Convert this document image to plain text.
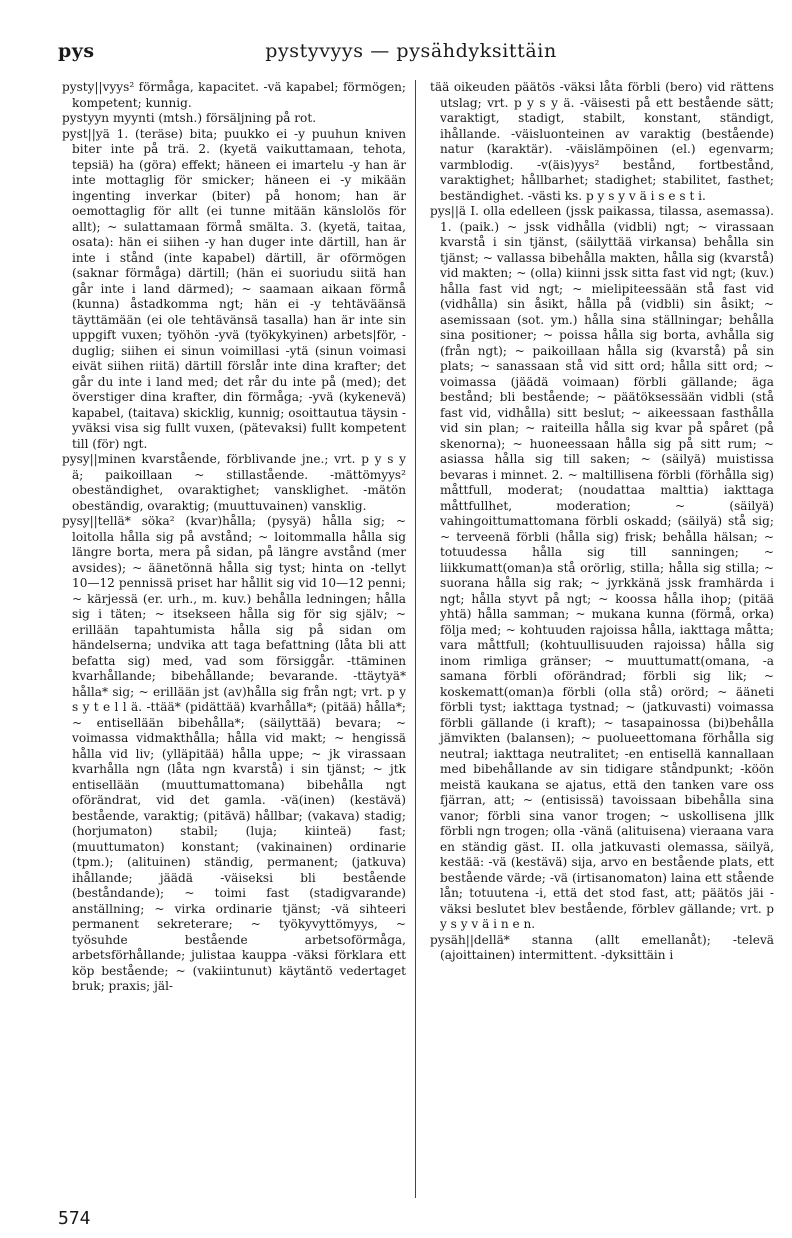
pys	pystyvyys — pysähdyksittäin

pysty||vyys² förmåga, kapacitet. -vä kapabel; förmögen; kompetent; kunnig.

pystyyn myynti (mtsh.) försäljning på rot.

pyst||yä 1. (teräse) bita; puukko ei -y puuhun kniven biter inte på trä. 2. (kyetä vaikuttamaan, tehota, tepsiä) ha (göra) effekt; häneen ei imartelu -y han är inte mottaglig för smicker; häneen ei -y mikään ingenting inverkar (biter) på honom; han är oemottaglig för allt (ei tunne mitään känslolös för allt); ~ sulattamaan förmå smälta. 3. (kyetä, taitaa, osata): hän ei siihen -y han duger inte därtill, han är inte i stånd (inte kapabel) därtill, är oförmögen (saknar förmåga) därtill; (hän ei suoriudu siitä han går inte i land därmed); ~ saamaan aikaan förmå (kunna) åstadkomma ngt; hän ei -y tehtäväänsä täyttämään (ei ole tehtävänsä tasalla) han är inte sin uppgift vuxen; työhön -yvä (työkykyinen) arbets|för, -duglig; siihen ei sinun voimillasi -ytä (sinun voimasi eivät siihen riitä) därtill förslår inte dina krafter; det går du inte i land med; det rår du inte på (med); det överstiger dina krafter, din förmåga; -yvä (kykenevä) kapabel, (taitava) skicklig, kunnig; osoittautua täysin -yväksi visa sig fullt vuxen, (pätevaksi) fullt kompetent till (för) ngt.

pysy||minen kvarstående, förblivande jne.; vrt. p y s y ä; paikoillaan ~ stillastående. -mättömyys² obeständighet, ovaraktighet; vansklighet. -mätön obeständig, ovaraktig; (muuttuvainen) vansklig.

pysy||tellä* söka² (kvar)hålla; (pysyä) hålla sig; ~ loitolla hålla sig på avstånd; ~ loitommalla hålla sig längre borta, mera på sidan, på längre avstånd (mer avsides); ~ äänetönnä hålla sig tyst; hinta on -tellyt 10—12 pennissä priset har hållit sig vid 10—12 penni; ~ kärjessä (er. urh., m. kuv.) behålla ledningen; hålla sig i täten; ~ itsekseen hålla sig för sig själv; ~ erillään tapahtumista hålla sig på sidan om händelserna; undvika att taga befattning (låta bli att befatta sig) med, vad som försiggår. -ttäminen kvarhållande; bibehållande; bevarande. -ttäytyä* hålla* sig; ~ erillään jst (av)hålla sig från ngt; vrt. p y s y t e l l ä. -ttää* (pidättää) kvarhålla*; (pitää) hålla*; ~ entisellään bibehålla*; (säilyttää) bevara; ~ voimassa vidmakthålla; hålla vid makt; ~ hengissä hålla vid liv; (ylläpitää) hålla uppe; ~ jk virassaan kvarhålla ngn (låta ngn kvarstå) i sin tjänst; ~ jtk entisellään (muuttumattomana) bibehålla ngt oförändrat, vid det gamla. -vä(inen) (kestävä) bestående, varaktig; (pitävä) hållbar; (vakava) stadig; (horjumaton) stabil; (luja; kiinteä) fast; (muuttumaton) konstant; (vakinainen) ordinarie (tpm.); (alituinen) ständig, permanent; (jatkuva) ihållande; jäädä -väiseksi bli bestående (beståndande); ~ toimi fast (stadigvarande) anställning; ~ virka ordinarie tjänst; -vä sihteeri permanent sekreterare; ~ työkyvyttömyys, ~ työsuhde bestående arbetsoförmåga, arbetsförhållande; julistaa kauppa -väksi förklara ett köp bestående; ~ (vakiintunut) käytäntö vedertaget bruk; praxis; jäl-

tää oikeuden päätös -väksi låta förbli (bero) vid rättens utslag; vrt. p y s y ä. -väisesti på ett bestående sätt; varaktigt, stadigt, stabilt, konstant, ständigt, ihållande. -väisluonteinen av varaktig (bestående) natur (karaktär). -väislämpöinen (el.) egenvarm; varmblodig. -v(äis)yys² bestånd, fortbestånd, varaktighet; hållbarhet; stadighet; stabilitet, fasthet; beständighet. -västi ks. p y s y v ä i s e s t i.

pys||ä I. olla edelleen (jssk paikassa, tilassa, asemassa). 1. (paik.) ~ jssk vidhålla (vidbli) ngt; ~ virassaan kvarstå i sin tjänst, (säilyttää virkansa) behålla sin tjänst; ~ vallassa bibehålla makten, hålla sig (kvarstå) vid makten; ~ (olla) kiinni jssk sitta fast vid ngt; (kuv.) hålla fast vid ngt; ~ mielipiteessään stå fast vid (vidhålla) sin åsikt, hålla på (vidbli) sin åsikt; ~ asemissaan (sot. ym.) hålla sina ställningar; behålla sina positioner; ~ poissa hålla sig borta, avhålla sig (från ngt); ~ paikoillaan hålla sig (kvarstå) på sin plats; ~ sanassaan stå vid sitt ord; hålla sitt ord; ~ voimassa (jäädä voimaan) förbli gällande; äga bestånd; bli bestående; ~ päätöksessään vidbli (stå fast vid, vidhålla) sitt beslut; ~ aikeessaan fasthålla vid sin plan; ~ raiteilla hålla sig kvar på spåret (på skenorna); ~ huoneessaan hålla sig på sitt rum; ~ asiassa hålla sig till saken; ~ (säilyä) muistissa bevaras i minnet. 2. ~ maltillisena förbli (förhålla sig) måttfull, moderat; (noudattaa malttia) iakttaga måttfullhet, moderation; ~ (säilyä) vahingoittumattomana förbli oskadd; (säilyä) stå sig; ~ terveenä förbli (hålla sig) frisk; behålla hälsan; ~ totuudessa hålla sig till sanningen; ~ liikkumatt(oman)a stå orörlig, stilla; hålla sig stilla; ~ suorana hålla sig rak; ~ jyrkkänä jssk framhärda i ngt; hålla styvt på ngt; ~ koossa hålla ihop; (pitää yhtä) hålla samman; ~ mukana kunna (förmå, orka) följa med; ~ kohtuuden rajoissa hålla, iakttaga måtta; vara måttfull; (kohtuullisuuden rajoissa) hålla sig inom rimliga gränser; ~ muuttumatt(omana, -a samana förbli oförändrad; förbli sig lik; ~ koskematt(oman)a förbli (olla stå) orörd; ~ ääneti förbli tyst; iakttaga tystnad; ~ (jatkuvasti) voimassa förbli gällande (i kraft); ~ tasapainossa (bi)behålla jämvikten (balansen); ~ puolueettomana förhålla sig neutral; iakttaga neutralitet; -en entisellä kannallaan med bibehållande av sin tidigare ståndpunkt; -köön meistä kaukana se ajatus, että den tanken vare oss fjärran, att; ~ (entisissä) tavoissaan bibehålla sina vanor; förbli sina vanor trogen; ~ uskollisena jllk förbli ngn trogen; olla -vänä (alituisena) vieraana vara en ständig gäst. II. olla jatkuvasti olemassa, säilyä, kestää: -vä (kestävä) sija, arvo en bestående plats, ett bestående värde; -vä (irtisanomaton) laina ett stående lån; totuutena -i, että det stod fast, att; päätös jäi -väksi beslutet blev bestående, förblev gällande; vrt. p y s y v ä i n e n.

pysäh||dellä* stanna (allt emellanåt); -televä (ajoittainen) intermittent. -dyksittäin i

574
